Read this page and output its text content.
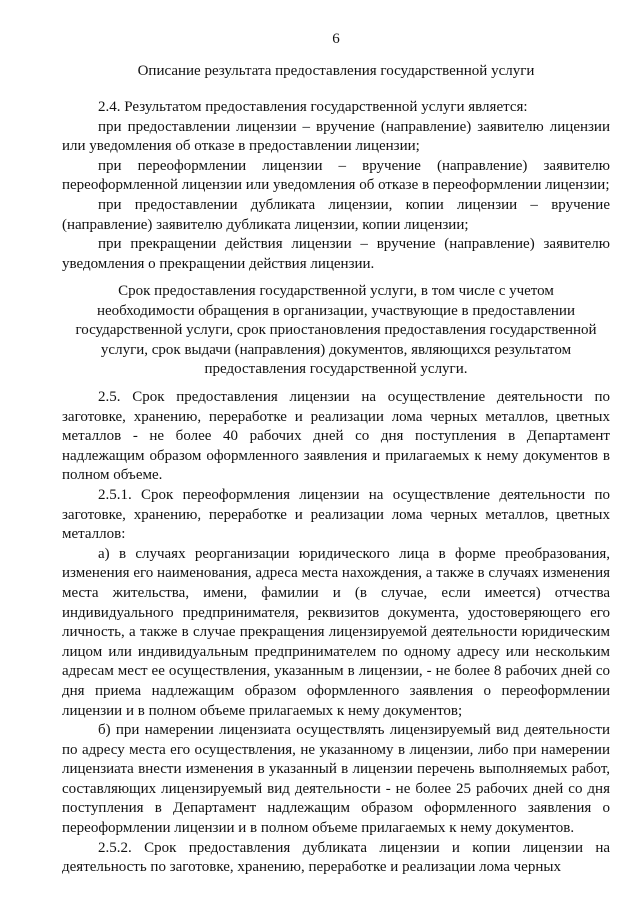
6
Описание результата предоставления государственной услуги

2.4. Результатом предоставления государственной услуги является:

при предоставлении лицензии – вручение (направление) заявителю лицензии или уведомления об отказе в предоставлении лицензии;

при переоформлении лицензии – вручение (направление) заявителю переоформленной лицензии или уведомления об отказе в переоформлении лицензии;

при предоставлении дубликата лицензии, копии лицензии – вручение (направление) заявителю дубликата лицензии, копии лицензии;

при прекращении действия лицензии – вручение (направление) заявителю уведомления о прекращении действия лицензии.

Срок предоставления государственной услуги, в том числе с учетом
необходимости обращения в организации, участвующие в предоставлении
государственной услуги, срок приостановления предоставления государственной
услуги, срок выдачи (направления) документов, являющихся результатом
предоставления государственной услуги.

2.5. Срок предоставления лицензии на осуществление деятельности по заготовке, хранению, переработке и реализации лома черных металлов, цветных металлов - не более 40 рабочих дней со дня поступления в Департамент надлежащим образом оформленного заявления и прилагаемых к нему документов в полном объеме.

2.5.1. Срок переоформления лицензии на осуществление деятельности по заготовке, хранению, переработке и реализации лома черных металлов, цветных металлов:

а) в случаях реорганизации юридического лица в форме преобразования, изменения его наименования, адреса места нахождения, а также в случаях изменения места жительства, имени, фамилии и (в случае, если имеется) отчества индивидуального предпринимателя, реквизитов документа, удостоверяющего его личность, а также в случае прекращения лицензируемой деятельности юридическим лицом или индивидуальным предпринимателем по одному адресу или нескольким адресам мест ее осуществления, указанным в лицензии, - не более 8 рабочих дней со дня приема надлежащим образом оформленного заявления о переоформлении лицензии и в полном объеме прилагаемых к нему документов;

б) при намерении лицензиата осуществлять лицензируемый вид деятельности по адресу места его осуществления, не указанному в лицензии, либо при намерении лицензиата внести изменения в указанный в лицензии перечень выполняемых работ, составляющих лицензируемый вид деятельности - не более 25 рабочих дней со дня поступления в Департамент надлежащим образом оформленного заявления о переоформлении лицензии и в полном объеме прилагаемых к нему документов.

2.5.2. Срок предоставления дубликата лицензии и копии лицензии на деятельность по заготовке, хранению, переработке и реализации лома черных
